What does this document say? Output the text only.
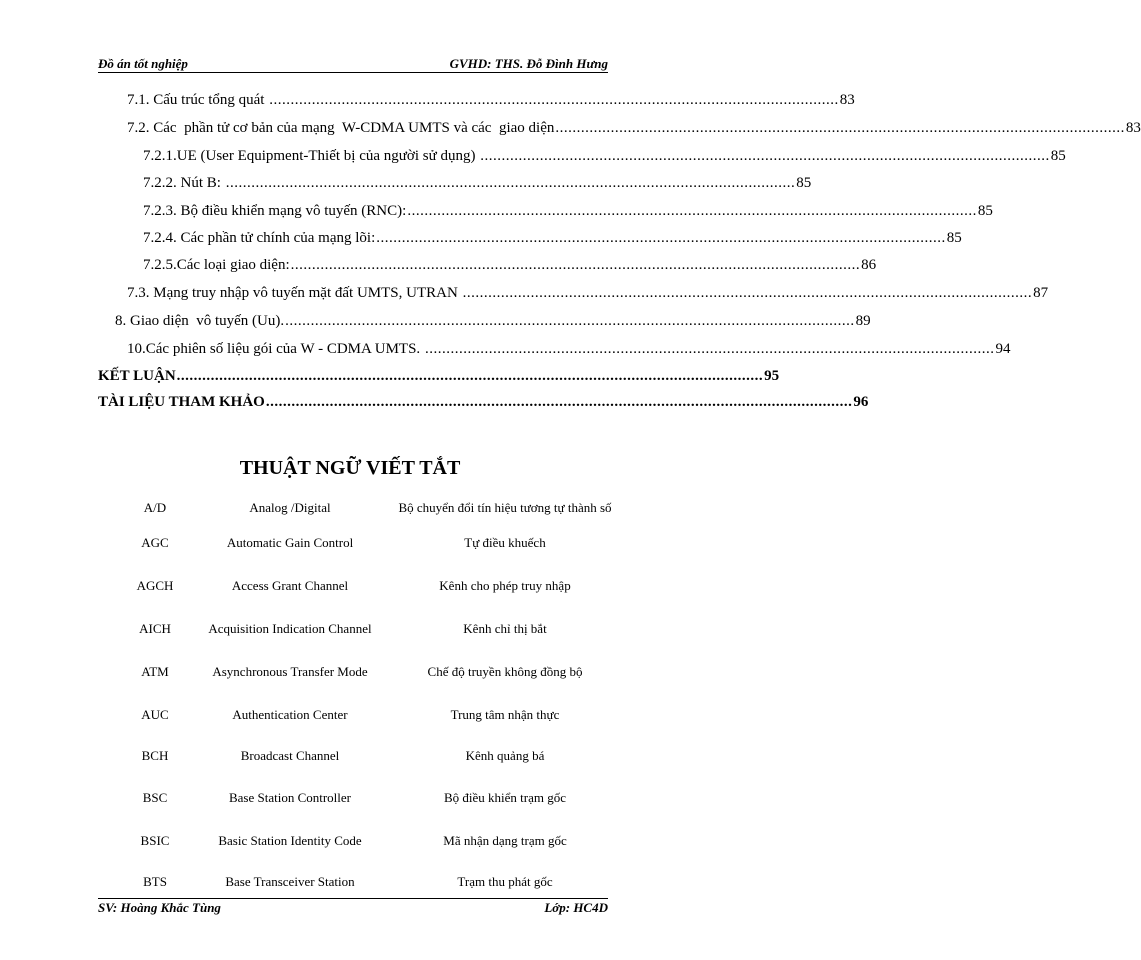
Đồ án tốt nghiệp	GVHD: THS. Đỗ Đình Hưng
7.1. Cấu trúc tổng quát ...................................................................................................................................... 83
7.2. Các  phần tử cơ bản của mạng  W-CDMA UMTS và các  giao diện ...................................................................................................................................... 83
7.2.1.UE (User Equipment-Thiết bị của người sử dụng) ...................................................................................................................................... 85
7.2.2. Nút B: ...................................................................................................................................... 85
7.2.3. Bộ điều khiển mạng vô tuyến (RNC): ...................................................................................................................................... 85
7.2.4. Các phần tử chính của mạng lõi: ...................................................................................................................................... 85
7.2.5.Các loại giao diện: ...................................................................................................................................... 86
7.3. Mạng truy nhập vô tuyến mặt đất UMTS, UTRAN ...................................................................................................................................... 87
8. Giao diện  vô tuyến (Uu). ...................................................................................................................................... 89
10.Các phiên số liệu gói của W - CDMA UMTS. ...................................................................................................................................... 94
KẾT LUẬN .......................................................................................................................................... 95
TÀI LIỆU THAM KHẢO .......................................................................................................................................... 96
THUẬT NGỮ VIẾT TẮT
A/D	Analog /Digital	Bộ chuyển đổi tín hiệu tương tự thành số
AGC	Automatic Gain Control	Tự điều khuếch
AGCH	Access Grant Channel	Kênh cho phép truy nhập
AICH	Acquisition Indication Channel	Kênh chỉ thị bắt
ATM	Asynchronous Transfer Mode	Chế độ truyền không đồng bộ
AUC	Authentication Center	Trung tâm nhận thực
BCH	Broadcast Channel	Kênh quảng bá
BSC	Base Station Controller	Bộ điều khiển trạm gốc
BSIC	Basic Station Identity Code	Mã nhận dạng trạm gốc
BTS	Base Transceiver Station	Trạm thu phát gốc
SV: Hoàng Khắc Tùng	Lớp: HC4D
